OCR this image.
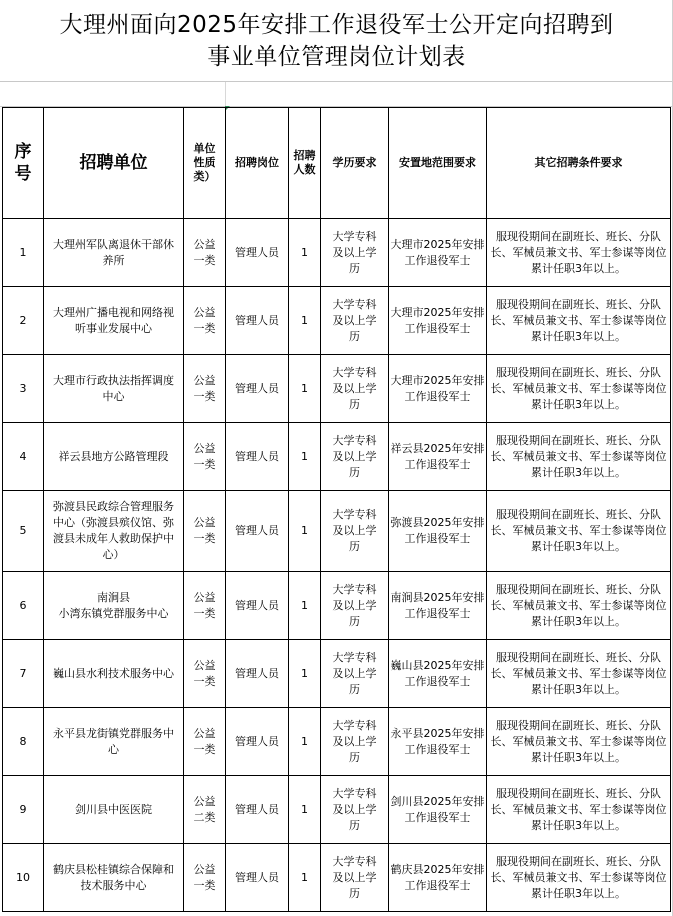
大理州面向2025年安排工作退役军士公开定向招聘到
事业单位管理岗位计划表
序号	招聘单位	单位性质类）	招聘岗位	招聘人数	学历要求	安置地范围要求	其它招聘条件要求
1	大理州军队离退休干部休养所	公益一类	管理人员	1	大学专科及以上学历	大理市2025年安排工作退役军士	服现役期间在副班长、班长、分队长、军械员兼文书、军士参谋等岗位累计任职3年以上。
2	大理州广播电视和网络视听事业发展中心	公益一类	管理人员	1	大学专科及以上学历	大理市2025年安排工作退役军士	服现役期间在副班长、班长、分队长、军械员兼文书、军士参谋等岗位累计任职3年以上。
3	大理市行政执法指挥调度中心	公益一类	管理人员	1	大学专科及以上学历	大理市2025年安排工作退役军士	服现役期间在副班长、班长、分队长、军械员兼文书、军士参谋等岗位累计任职3年以上。
4	祥云县地方公路管理段	公益一类	管理人员	1	大学专科及以上学历	祥云县2025年安排工作退役军士	服现役期间在副班长、班长、分队长、军械员兼文书、军士参谋等岗位累计任职3年以上。
5	弥渡县民政综合管理服务中心（弥渡县殡仪馆、弥渡县未成年人救助保护中心）	公益一类	管理人员	1	大学专科及以上学历	弥渡县2025年安排工作退役军士	服现役期间在副班长、班长、分队长、军械员兼文书、军士参谋等岗位累计任职3年以上。
6	南涧县
小湾东镇党群服务中心	公益一类	管理人员	1	大学专科及以上学历	南涧县2025年安排工作退役军士	服现役期间在副班长、班长、分队长、军械员兼文书、军士参谋等岗位累计任职3年以上。
7	巍山县水利技术服务中心	公益一类	管理人员	1	大学专科及以上学历	巍山县2025年安排工作退役军士	服现役期间在副班长、班长、分队长、军械员兼文书、军士参谋等岗位累计任职3年以上。
8	永平县龙街镇党群服务中心	公益一类	管理人员	1	大学专科及以上学历	永平县2025年安排工作退役军士	服现役期间在副班长、班长、分队长、军械员兼文书、军士参谋等岗位累计任职3年以上。
9	剑川县中医医院	公益二类	管理人员	1	大学专科及以上学历	剑川县2025年安排工作退役军士	服现役期间在副班长、班长、分队长、军械员兼文书、军士参谋等岗位累计任职3年以上。
10	鹤庆县松桂镇综合保障和技术服务中心	公益一类	管理人员	1	大学专科及以上学历	鹤庆县2025年安排工作退役军士	服现役期间在副班长、班长、分队长、军械员兼文书、军士参谋等岗位累计任职3年以上。
